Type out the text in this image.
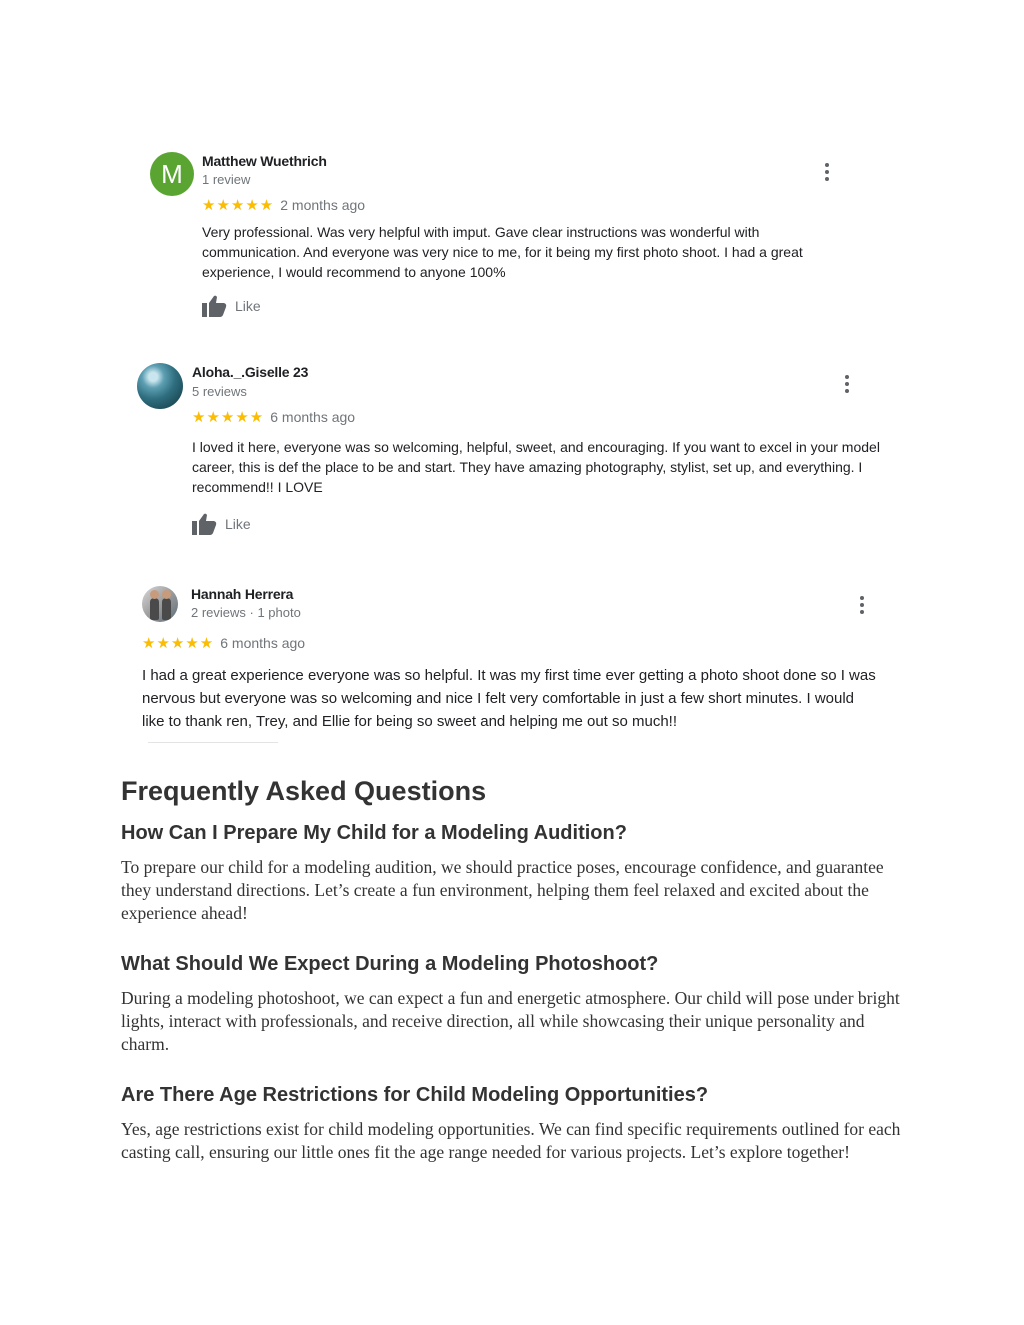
M Matthew Wuethrich
1 review
★★★★★ 2 months ago
Very professional. Was very helpful with imput. Gave clear instructions was wonderful with communication. And everyone was very nice to me, for it being my first photo shoot. I had a great experience, I would recommend to anyone 100%
Like
Aloha._.Giselle 23
5 reviews
★★★★★ 6 months ago
I loved it here, everyone was so welcoming, helpful, sweet, and encouraging. If you want to excel in your model career, this is def the place to be and start. They have amazing photography, stylist, set up, and everything. I recommend!! I LOVE
Like
Hannah Herrera
2 reviews · 1 photo
★★★★★ 6 months ago
I had a great experience everyone was so helpful. It was my first time ever getting a photo shoot done so I was nervous but everyone was so welcoming and nice I felt very comfortable in just a few short minutes. I would like to thank ren, Trey, and Ellie for being so sweet and helping me out so much!!
Frequently Asked Questions
How Can I Prepare My Child for a Modeling Audition?

To prepare our child for a modeling audition, we should practice poses, encourage confidence, and guarantee they understand directions. Let’s create a fun environment, helping them feel relaxed and excited about the experience ahead!

What Should We Expect During a Modeling Photoshoot?

During a modeling photoshoot, we can expect a fun and energetic atmosphere. Our child will pose under bright lights, interact with professionals, and receive direction, all while showcasing their unique personality and charm.

Are There Age Restrictions for Child Modeling Opportunities?

Yes, age restrictions exist for child modeling opportunities. We can find specific requirements outlined for each casting call, ensuring our little ones fit the age range needed for various projects. Let’s explore together!
